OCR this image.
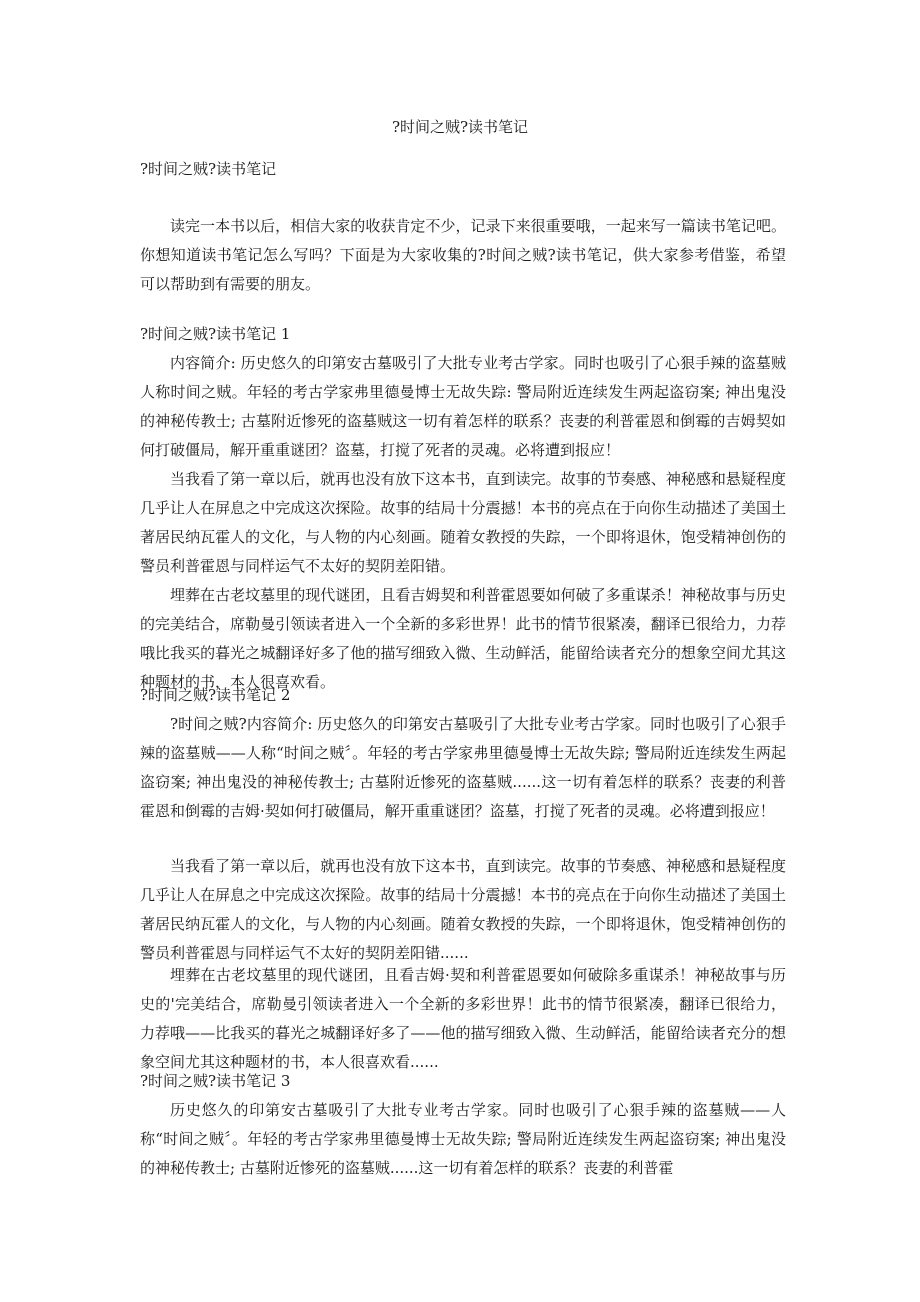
?时间之贼?读书笔记

?时间之贼?读书笔记

读完一本书以后，相信大家的收获肯定不少，记录下来很重要哦，一起来写一篇读书笔记吧。你想知道读书笔记怎么写吗？下面是为大家收集的?时间之贼?读书笔记，供大家参考借鉴，希望可以帮助到有需要的朋友。

?时间之贼?读书笔记 1

内容简介: 历史悠久的印第安古墓吸引了大批专业考古学家。同时也吸引了心狠手辣的盗墓贼人称时间之贼。年轻的考古学家弗里德曼博士无故失踪: 警局附近连续发生两起盗窃案; 神出鬼没的神秘传教士; 古墓附近惨死的盗墓贼这一切有着怎样的联系？丧妻的利普霍恩和倒霉的吉姆契如何打破僵局，解开重重谜团？盗墓，打搅了死者的灵魂。必将遭到报应！

当我看了第一章以后，就再也没有放下这本书，直到读完。故事的节奏感、神秘感和悬疑程度几乎让人在屏息之中完成这次探险。故事的结局十分震撼！本书的亮点在于向你生动描述了美国土著居民纳瓦霍人的文化，与人物的内心刻画。随着女教授的失踪，一个即将退休，饱受精神创伤的警员利普霍恩与同样运气不太好的契阴差阳错。

埋葬在古老坟墓里的现代谜团，且看吉姆契和利普霍恩要如何破了多重谋杀！神秘故事与历史的完美结合，席勒曼引领读者进入一个全新的多彩世界！此书的情节很紧凑，翻译已很给力，力荐哦比我买的暮光之城翻译好多了他的描写细致入微、生动鲜活，能留给读者充分的想象空间尤其这种题材的书，本人很喜欢看。

?时间之贼?读书笔记 2

?时间之贼?内容简介: 历史悠久的印第安古墓吸引了大批专业考古学家。同时也吸引了心狠手辣的盗墓贼——人称“时间之贼〞。年轻的考古学家弗里德曼博士无故失踪; 警局附近连续发生两起盗窃案; 神出鬼没的神秘传教士; 古墓附近惨死的盗墓贼......这一切有着怎样的联系？丧妻的利普霍恩和倒霉的吉姆·契如何打破僵局，解开重重谜团？盗墓，打搅了死者的灵魂。必将遭到报应！

当我看了第一章以后，就再也没有放下这本书，直到读完。故事的节奏感、神秘感和悬疑程度几乎让人在屏息之中完成这次探险。故事的结局十分震撼！本书的亮点在于向你生动描述了美国土著居民纳瓦霍人的文化，与人物的内心刻画。随着女教授的失踪，一个即将退休，饱受精神创伤的警员利普霍恩与同样运气不太好的契阴差阳错......

埋葬在古老坟墓里的现代谜团，且看吉姆·契和利普霍恩要如何破除多重谋杀！神秘故事与历史的'完美结合，席勒曼引领读者进入一个全新的多彩世界！此书的情节很紧凑，翻译已很给力，力荐哦——比我买的暮光之城翻译好多了——他的描写细致入微、生动鲜活，能留给读者充分的想象空间尤其这种题材的书，本人很喜欢看......

?时间之贼?读书笔记 3

历史悠久的印第安古墓吸引了大批专业考古学家。同时也吸引了心狠手辣的盗墓贼——人称“时间之贼〞。年轻的考古学家弗里德曼博士无故失踪; 警局附近连续发生两起盗窃案; 神出鬼没的神秘传教士; 古墓附近惨死的盗墓贼......这一切有着怎样的联系？丧妻的利普霍
